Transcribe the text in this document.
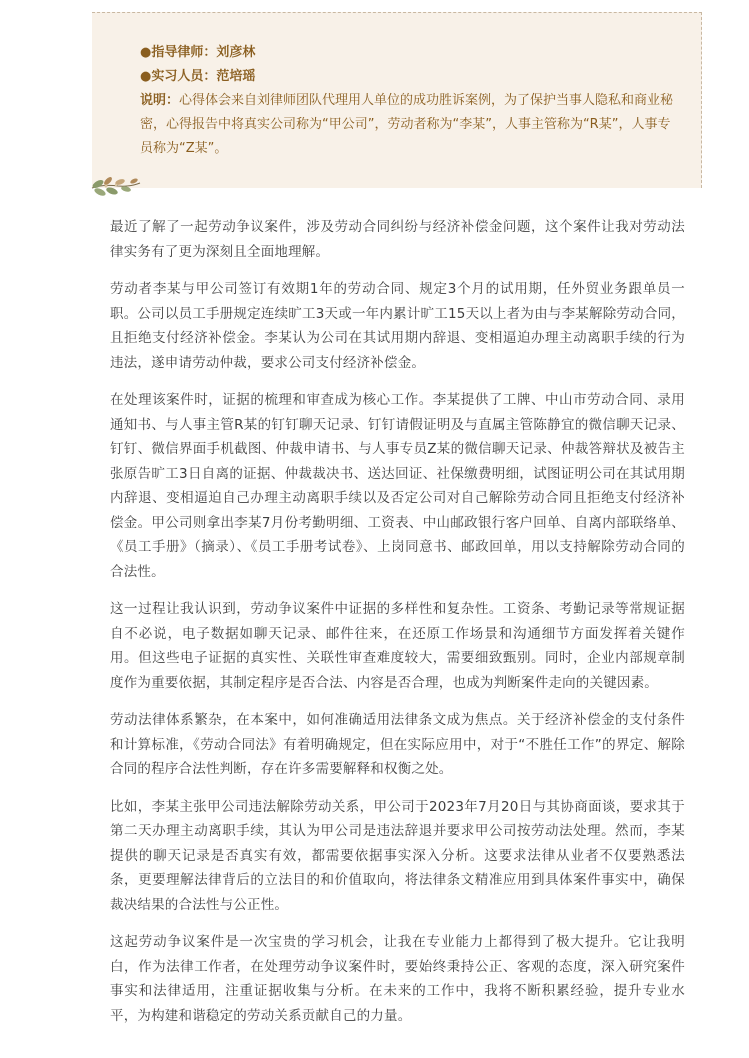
●指导律师：刘彦林
●实习人员：范培瑶
说明：心得体会来自刘律师团队代理用人单位的成功胜诉案例，为了保护当事人隐私和商业秘密，心得报告中将真实公司称为“甲公司”，劳动者称为“李某”，人事主管称为“R某”，人事专员称为“Z某”。

最近了解了一起劳动争议案件，涉及劳动合同纠纷与经济补偿金问题，这个案件让我对劳动法律实务有了更为深刻且全面地理解。

劳动者李某与甲公司签订有效期1年的劳动合同、规定3个月的试用期，任外贸业务跟单员一职。公司以员工手册规定连续旷工3天或一年内累计旷工15天以上者为由与李某解除劳动合同，且拒绝支付经济补偿金。李某认为公司在其试用期内辞退、变相逼迫办理主动离职手续的行为违法，遂申请劳动仲裁，要求公司支付经济补偿金。

在处理该案件时，证据的梳理和审查成为核心工作。李某提供了工牌、中山市劳动合同、录用通知书、与人事主管R某的钉钉聊天记录、钉钉请假证明及与直属主管陈静宜的微信聊天记录、钉钉、微信界面手机截图、仲裁申请书、与人事专员Z某的微信聊天记录、仲裁答辩状及被告主张原告旷工3日自离的证据、仲裁裁决书、送达回证、社保缴费明细，试图证明公司在其试用期内辞退、变相逼迫自己办理主动离职手续以及否定公司对自己解除劳动合同且拒绝支付经济补偿金。甲公司则拿出李某7月份考勤明细、工资表、中山邮政银行客户回单、自离内部联络单、《员工手册》（摘录）、《员工手册考试卷》、上岗同意书、邮政回单，用以支持解除劳动合同的合法性。

这一过程让我认识到，劳动争议案件中证据的多样性和复杂性。工资条、考勤记录等常规证据自不必说，电子数据如聊天记录、邮件往来，在还原工作场景和沟通细节方面发挥着关键作用。但这些电子证据的真实性、关联性审查难度较大，需要细致甄别。同时，企业内部规章制度作为重要依据，其制定程序是否合法、内容是否合理，也成为判断案件走向的关键因素。

劳动法律体系繁杂，在本案中，如何准确适用法律条文成为焦点。关于经济补偿金的支付条件和计算标准，《劳动合同法》有着明确规定，但在实际应用中，对于“不胜任工作”的界定、解除合同的程序合法性判断，存在许多需要解释和权衡之处。

比如，李某主张甲公司违法解除劳动关系，甲公司于2023年7月20日与其协商面谈，要求其于第二天办理主动离职手续，其认为甲公司是违法辞退并要求甲公司按劳动法处理。然而，李某提供的聊天记录是否真实有效，都需要依据事实深入分析。这要求法律从业者不仅要熟悉法条，更要理解法律背后的立法目的和价值取向，将法律条文精准应用到具体案件事实中，确保裁决结果的合法性与公正性。

这起劳动争议案件是一次宝贵的学习机会，让我在专业能力上都得到了极大提升。它让我明白，作为法律工作者，在处理劳动争议案件时，要始终秉持公正、客观的态度，深入研究案件事实和法律适用，注重证据收集与分析。在未来的工作中，我将不断积累经验，提升专业水平，为构建和谐稳定的劳动关系贡献自己的力量。
